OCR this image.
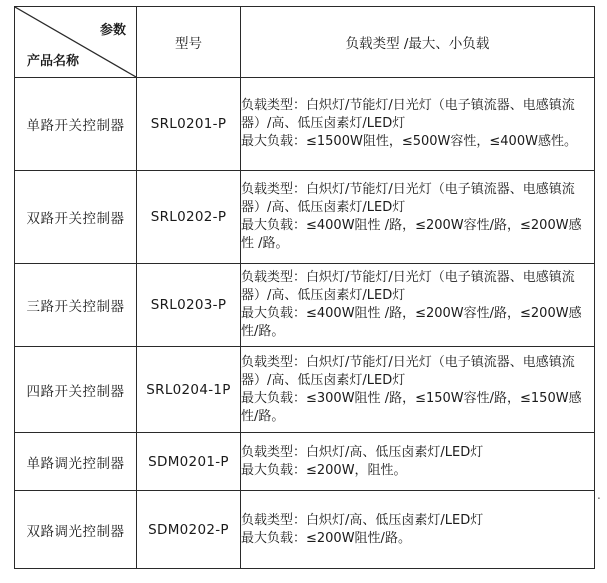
参数
产品名称	型号	负载类型 /最大、小负载
单路开关控制器	SRL0201-P	负载类型：白炽灯/节能灯/日光灯（电子镇流器、电感镇流器）/高、低压卤素灯/LED灯
最大负载：≤1500W阻性，≤500W容性，≤400W感性。

双路开关控制器	SRL0202-P	负载类型：白炽灯/节能灯/日光灯（电子镇流器、电感镇流器）/高、低压卤素灯/LED灯
最大负载：≤400W阻性 /路，≤200W容性/路，≤200W感性 /路。

三路开关控制器	SRL0203-P	负载类型：白炽灯/节能灯/日光灯（电子镇流器、电感镇流器）/高、低压卤素灯/LED灯
最大负载：≤400W阻性 /路，≤200W容性/路，≤200W感性/路。

四路开关控制器	SRL0204-1P	负载类型：白炽灯/节能灯/日光灯（电子镇流器、电感镇流器）/高、低压卤素灯/LED灯
最大负载：≤300W阻性 /路，≤150W容性/路，≤150W感性/路。

单路调光控制器	SDM0201-P	负载类型：白炽灯/高、低压卤素灯/LED灯
最大负载：≤200W，阻性。

双路调光控制器	SDM0202-P	负载类型：白炽灯/高、低压卤素灯/LED灯
最大负载：≤200W阻性/路。
.
